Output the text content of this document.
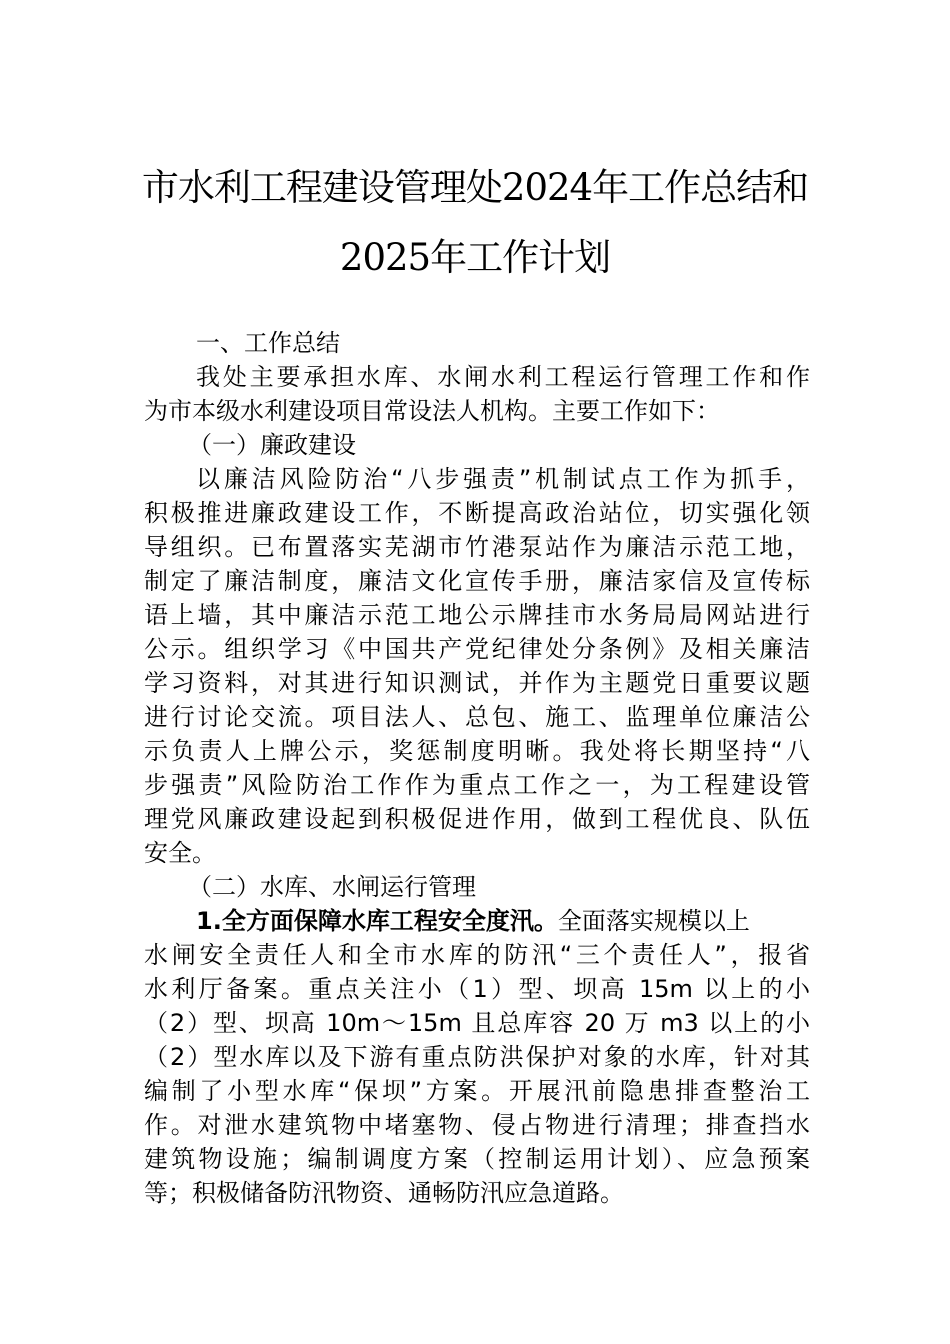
市水利工程建设管理处2024年工作总结和
2025年工作计划
一、工作总结
我处主要承担水库、水闸水利工程运行管理工作和作
为市本级水利建设项目常设法人机构。主要工作如下：
（一）廉政建设
以廉洁风险防治“八步强责”机制试点工作为抓手，
积极推进廉政建设工作，不断提高政治站位，切实强化领
导组织。已布置落实芜湖市竹港泵站作为廉洁示范工地，
制定了廉洁制度，廉洁文化宣传手册，廉洁家信及宣传标
语上墙，其中廉洁示范工地公示牌挂市水务局局网站进行
公示。组织学习《中国共产党纪律处分条例》及相关廉洁
学习资料，对其进行知识测试，并作为主题党日重要议题
进行讨论交流。项目法人、总包、施工、监理单位廉洁公
示负责人上牌公示，奖惩制度明晰。我处将长期坚持“八
步强责”风险防治工作作为重点工作之一，为工程建设管
理党风廉政建设起到积极促进作用，做到工程优良、队伍
安全。
（二）水库、水闸运行管理
1.全方面保障水库工程安全度汛。全面落实规模以上
水闸安全责任人和全市水库的防汛“三个责任人”，报省
水利厅备案。重点关注小（1）型、坝高 15m 以上的小
（2）型、坝高 10m～15m 且总库容 20 万 m3 以上的小
（2）型水库以及下游有重点防洪保护对象的水库，针对其
编制了小型水库“保坝”方案。开展汛前隐患排查整治工
作。对泄水建筑物中堵塞物、侵占物进行清理；排查挡水
建筑物设施；编制调度方案（控制运用计划）、应急预案
等；积极储备防汛物资、通畅防汛应急道路。
